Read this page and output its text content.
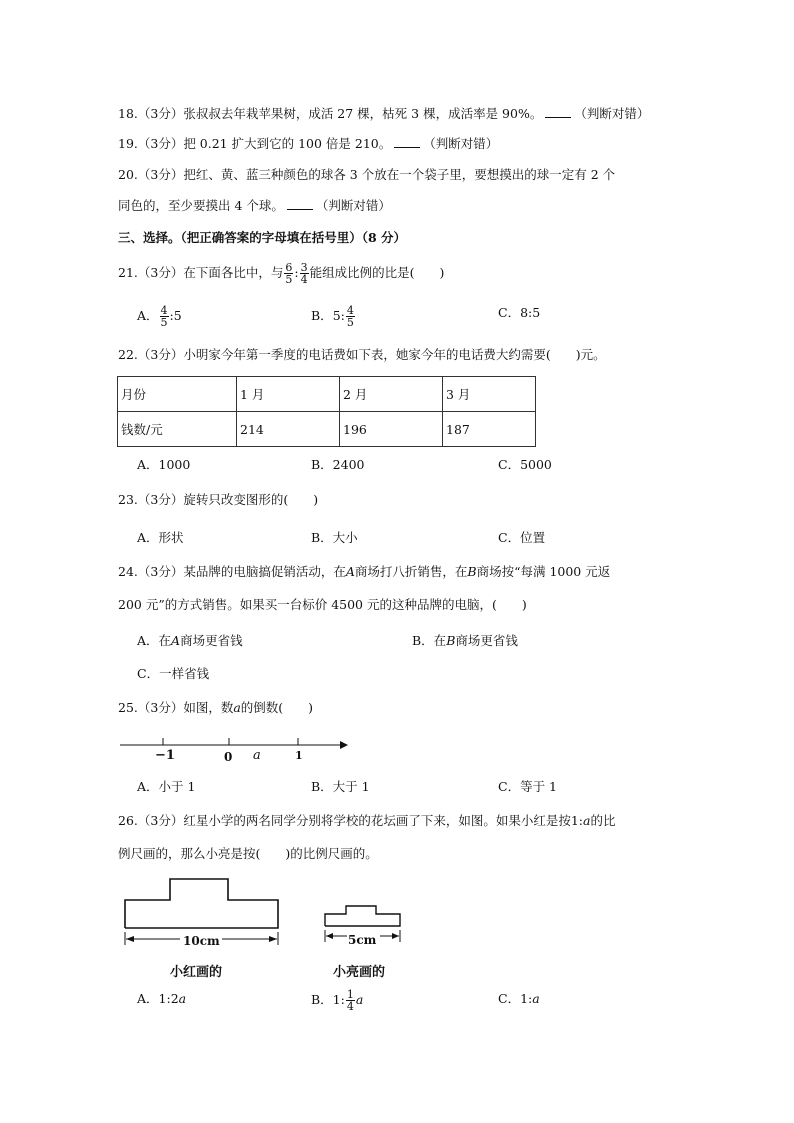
18.（3分）张叔叔去年栽苹果树，成活 27 棵，枯死 3 棵，成活率是 90%。	（判断对错）
19.（3分）把 0.21 扩大到它的 100 倍是 210。	（判断对错）
20.（3分）把红、黄、蓝三种颜色的球各 3 个放在一个袋子里，要想摸出的球一定有 2 个
同色的，至少要摸出 4 个球。	（判断对错）
三、选择。（把正确答案的字母填在括号里）（8 分）
21.（3分）在下面各比中，与 $\frac{6}{5}$ : $\frac{3}{4}$ 能组成比例的比是(　　)
A． $\frac{4}{5}$ :5	B．5: $\frac{4}{5}$	C．8:5
22.（3分）小明家今年第一季度的电话费如下表，她家今年的电话费大约需要(　　)元。
月份	1 月	2 月	3 月
钱数/元	214	196	187
A．1000	B．2400	C．5000
23.（3分）旋转只改变图形的(　　)
A．形状	B．大小	C．位置
24.（3分）某品牌的电脑搞促销活动，在A商场打八折销售，在B商场按“每满 1000 元返
200 元”的方式销售。如果买一台标价 4500 元的这种品牌的电脑，(　　)
A．在A商场更省钱	B．在B商场更省钱
C．一样省钱
25.（3分）如图，数a的倒数(　　)
−1	0 a	1
A．小于 1	B．大于 1	C．等于 1
26.（3分）红星小学的两名同学分别将学校的花坛画了下来，如图。如果小红是按1:a的比
例尺画的，那么小亮是按(　　)的比例尺画的。
10cm
小红画的
5cm
小亮画的
A．1:2a	B．1: $\frac{1}{4}$ a	C．1:a
